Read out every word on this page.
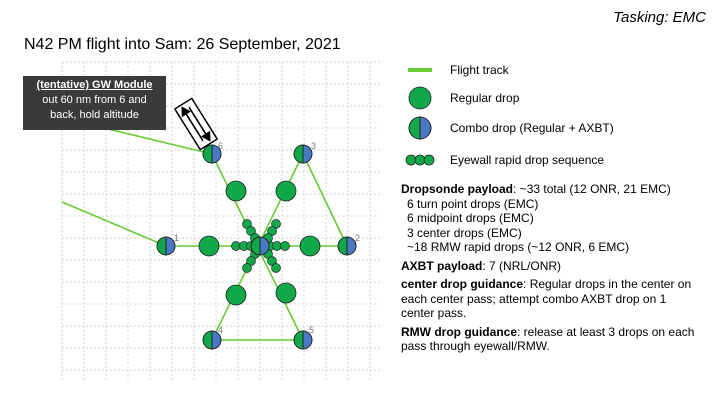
1	2
3
4	5
6
Tasking: EMC
N42 PM flight into Sam: 26 September, 2021
(tentative) GW Module
out 60 nm from 6 and
back, hold altitude
Flight track
Regular drop
Combo drop (Regular + AXBT)
Eyewall rapid drop sequence
Dropsonde payload: ~33 total (12 ONR, 21 EMC)
6 turn point drops (EMC)
6 midpoint drops (EMC)
3 center drops (EMC)
~18 RMW rapid drops (~12 ONR, 6 EMC)
AXBT payload: 7 (NRL/ONR)
center drop guidance: Regular drops in the center on each center pass; attempt combo AXBT drop on 1 center pass.
RMW drop guidance: release at least 3 drops on each pass through eyewall/RMW.
